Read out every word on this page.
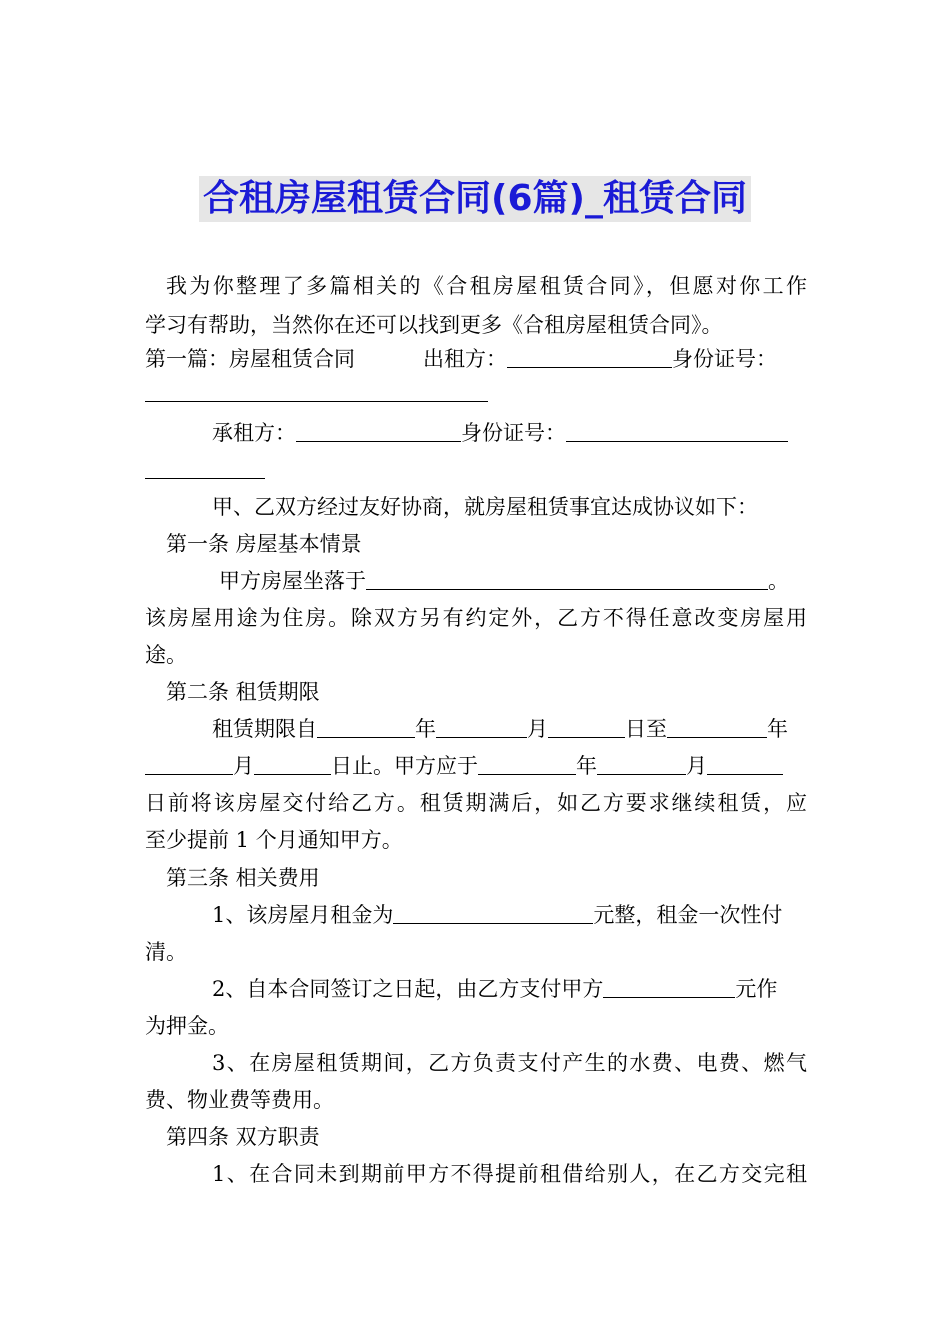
合租房屋租赁合同(6篇)_租赁合同
我为你整理了多篇相关的《合租房屋租赁合同》，但愿对你工作
学习有帮助，当然你在还可以找到更多《合租房屋租赁合同》。
第一篇：房屋租赁合同	出租方：	身份证号：
承租方：	身份证号：
甲、乙双方经过友好协商，就房屋租赁事宜达成协议如下：
第一条 房屋基本情景
甲方房屋坐落于	。
该房屋用途为住房。除双方另有约定外，乙方不得任意改变房屋用
途。
第二条 租赁期限
租赁期限自	年	月	日至	年
月	日止。甲方应于	年	月
日前将该房屋交付给乙方。租赁期满后，如乙方要求继续租赁，应
至少提前 1 个月通知甲方。
第三条 相关费用
1、该房屋月租金为	元整，租金一次性付
清。
2、自本合同签订之日起，由乙方支付甲方	元作
为押金。
3、在房屋租赁期间，乙方负责支付产生的水费、电费、燃气
费、物业费等费用。
第四条 双方职责
1、在合同未到期前甲方不得提前租借给别人，在乙方交完租
